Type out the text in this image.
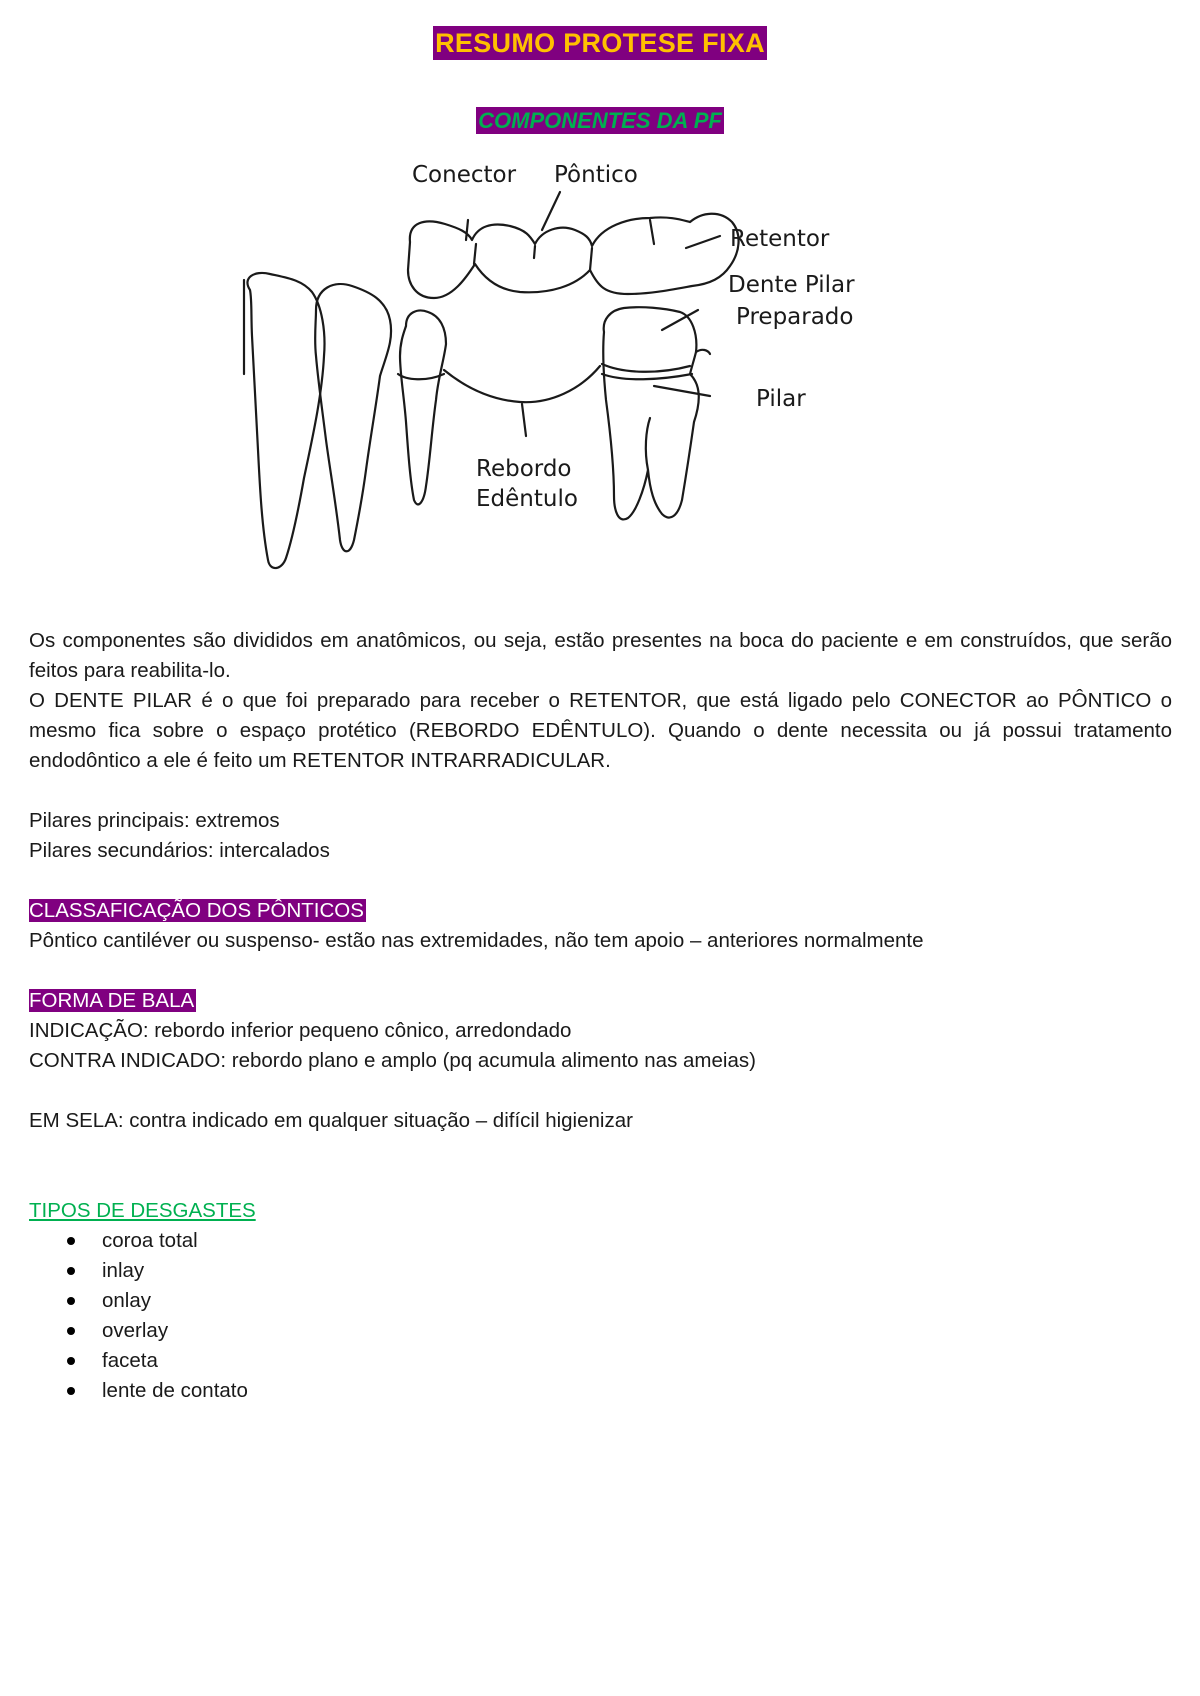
RESUMO PROTESE FIXA
COMPONENTES DA PF
Conector Pôntico
Retentor
Dente Pilar
Preparado
Pilar
Rebordo
Edêntulo

Os componentes são divididos em anatômicos, ou seja, estão presentes na boca do paciente e em construídos, que serão feitos para reabilita-lo.

O DENTE PILAR é o que foi preparado para receber o RETENTOR, que está ligado pelo CONECTOR ao PÔNTICO o mesmo fica sobre o espaço protético (REBORDO EDÊNTULO). Quando o dente necessita ou já possui tratamento endodôntico a ele é feito um RETENTOR INTRARRADICULAR.

Pilares principais: extremos

Pilares secundários: intercalados

CLASSAFICAÇÃO DOS PÔNTICOS

Pôntico cantiléver ou suspenso- estão nas extremidades, não tem apoio – anteriores normalmente

FORMA DE BALA

INDICAÇÃO: rebordo inferior pequeno cônico, arredondado

CONTRA INDICADO: rebordo plano e amplo (pq acumula alimento nas ameias)

EM SELA: contra indicado em qualquer situação – difícil higienizar

TIPOS DE DESGASTES

coroa total
inlay
onlay
overlay
faceta
lente de contato
